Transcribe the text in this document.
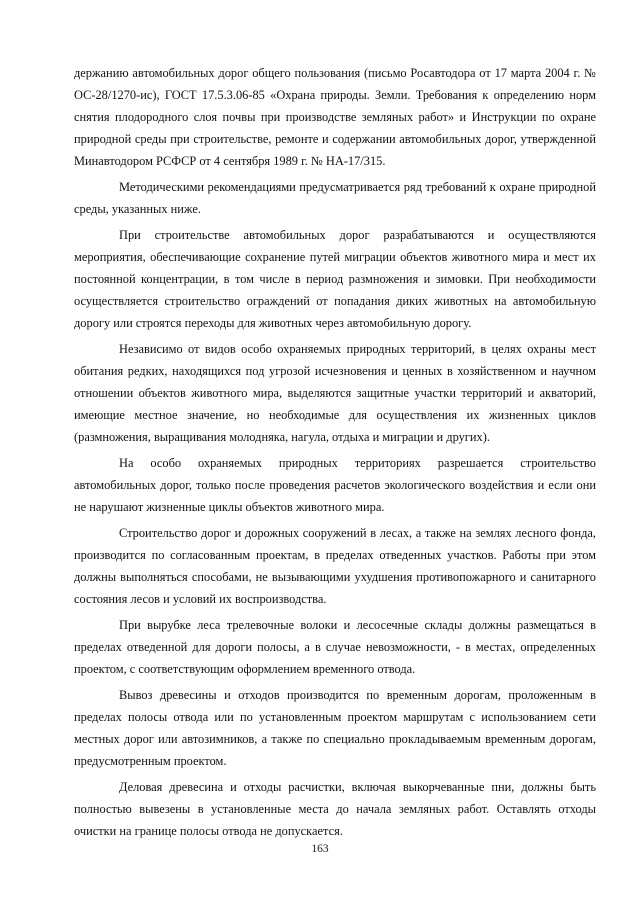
держанию автомобильных дорог общего пользования (письмо Росавтодора от 17 марта 2004 г. № ОС-28/1270-ис), ГОСТ 17.5.3.06-85 «Охрана природы. Земли. Требования к определению норм снятия плодородного слоя почвы при производстве земляных работ» и Инструкции по охране природной среды при строительстве, ремонте и содержании автомобильных дорог, утвержденной Минавтодором РСФСР от 4 сентября 1989 г. № НА-17/315.

Методическими рекомендациями предусматривается ряд требований к охране природной среды, указанных ниже.

При строительстве автомобильных дорог разрабатываются и осуществляются мероприятия, обеспечивающие сохранение путей миграции объектов животного мира и мест их постоянной концентрации, в том числе в период размножения и зимовки. При необходимости осуществляется строительство ограждений от попадания диких животных на автомобильную дорогу или строятся переходы для животных через автомобильную дорогу.

Независимо от видов особо охраняемых природных территорий, в целях охраны мест обитания редких, находящихся под угрозой исчезновения и ценных в хозяйственном и научном отношении объектов животного мира, выделяются защитные участки территорий и акваторий, имеющие местное значение, но необходимые для осуществления их жизненных циклов (размножения, выращивания молодняка, нагула, отдыха и миграции и других).

На особо охраняемых природных территориях разрешается строительство автомобильных дорог, только после проведения расчетов экологического воздействия и если они не нарушают жизненные циклы объектов животного мира.

Строительство дорог и дорожных сооружений в лесах, а также на землях лесного фонда, производится по согласованным проектам, в пределах отведенных участков. Работы при этом должны выполняться способами, не вызывающими ухудшения противопожарного и санитарного состояния лесов и условий их воспроизводства.

При вырубке леса трелевочные волоки и лесосечные склады должны размещаться в пределах отведенной для дороги полосы, а в случае невозможности, - в местах, определенных проектом, с соответствующим оформлением временного отвода.

Вывоз древесины и отходов производится по временным дорогам, проложенным в пределах полосы отвода или по установленным проектом маршрутам с использованием сети местных дорог или автозимников, а также по специально прокладываемым временным дорогам, предусмотренным проектом.

Деловая древесина и отходы расчистки, включая выкорчеванные пни, должны быть полностью вывезены в установленные места до начала земляных работ. Оставлять отходы очистки на границе полосы отвода не допускается.

163
